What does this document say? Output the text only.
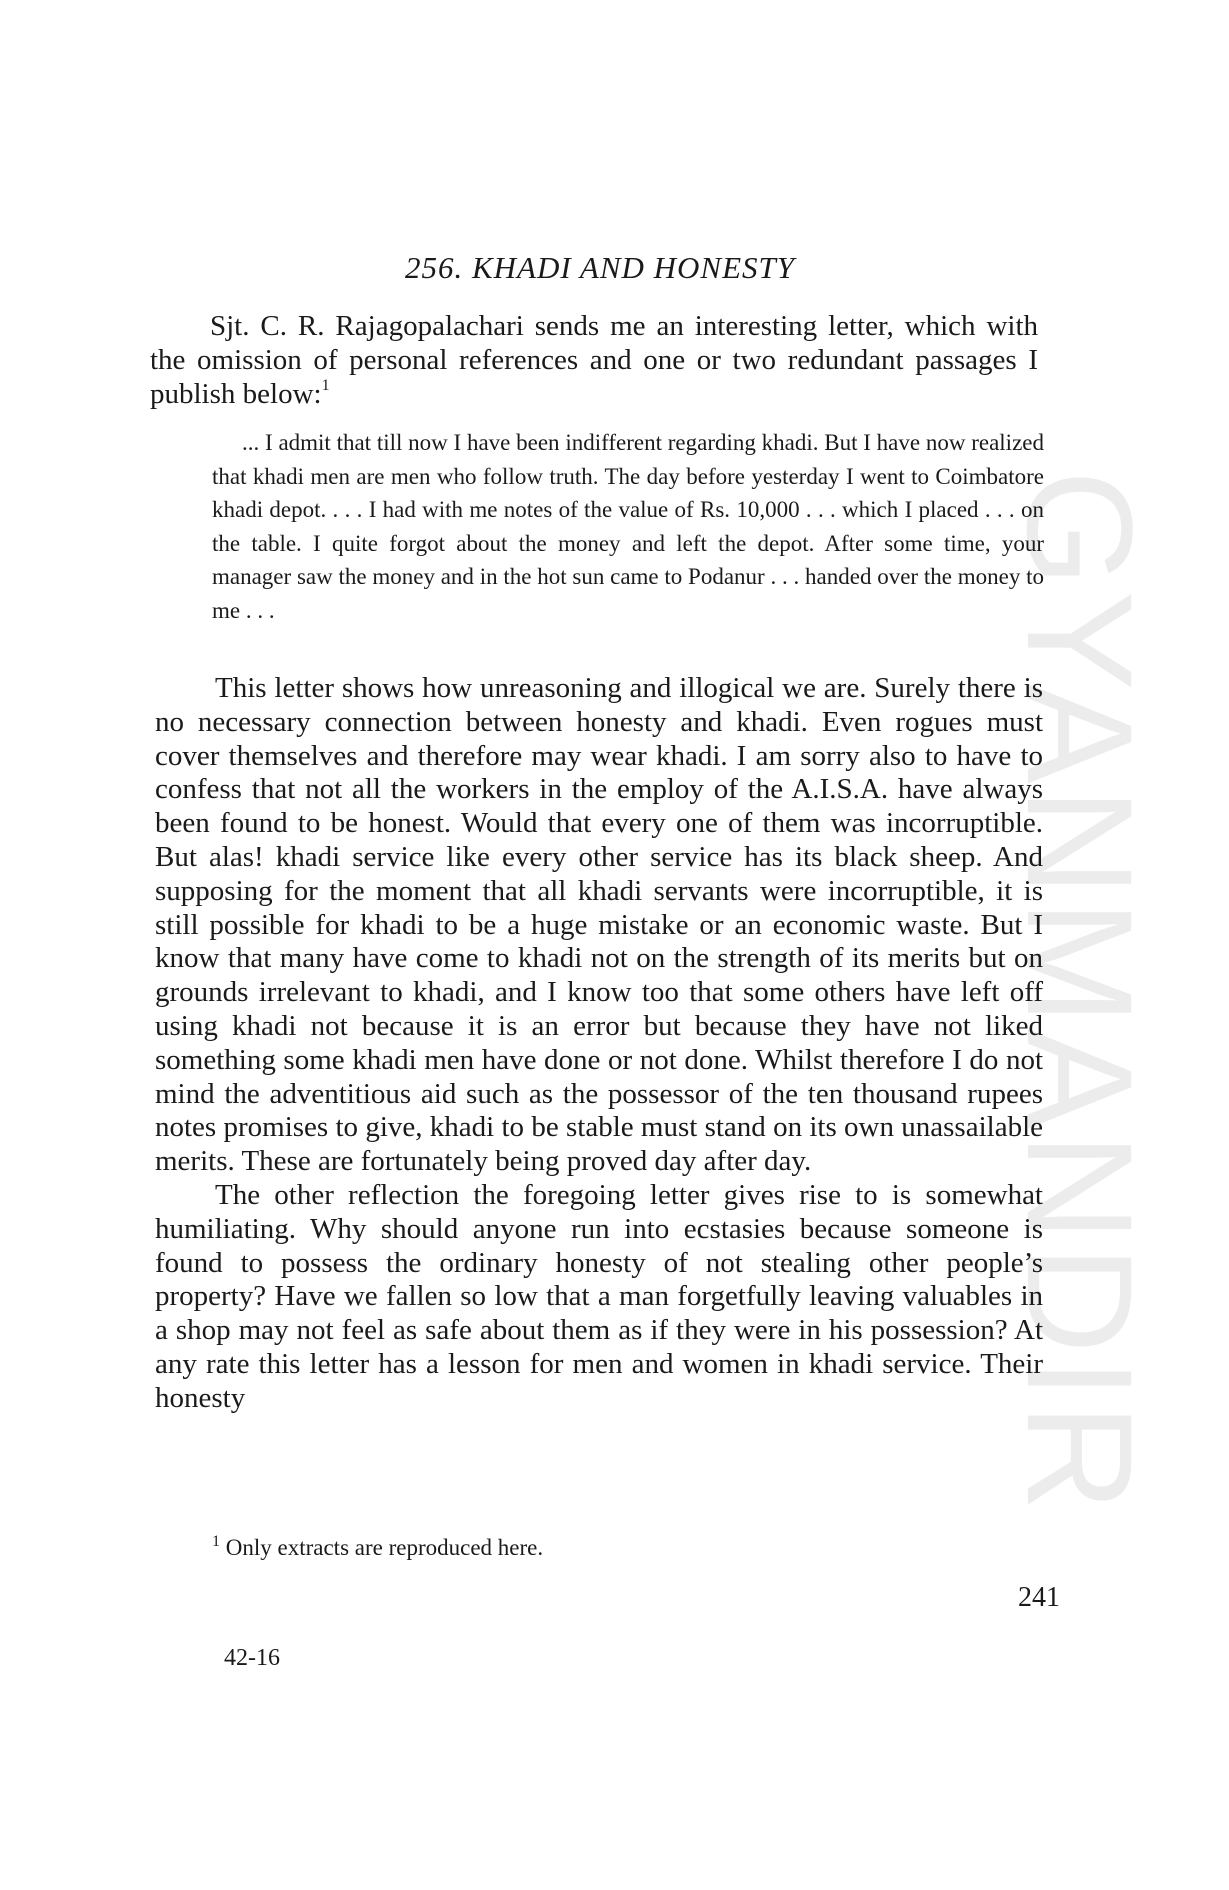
GYANMANDIR
256. KHADI AND HONESTY

Sjt. C. R. Rajagopalachari sends me an interesting letter, which with the omission of personal references and one or two redundant passages I publish below:$^1$

... I admit that till now I have been indifferent regarding khadi. But I have now realized that khadi men are men who follow truth. The day before yesterday I went to Coimbatore khadi depot. . . . I had with me notes of the value of Rs. 10,000 . . . which I placed . . . on the table. I quite forgot about the money and left the depot. After some time, your manager saw the money and in the hot sun came to Podanur . . . handed over the money to me . . .

This letter shows how unreasoning and illogical we are. Surely there is no necessary connection between honesty and khadi. Even rogues must cover themselves and therefore may wear khadi. I am sorry also to have to confess that not all the workers in the employ of the A.I.S.A. have always been found to be honest. Would that every one of them was incorruptible. But alas! khadi service like every other service has its black sheep. And supposing for the moment that all khadi servants were incorruptible, it is still possible for khadi to be a huge mistake or an economic waste. But I know that many have come to khadi not on the strength of its merits but on grounds irrelevant to khadi, and I know too that some others have left off using khadi not because it is an error but because they have not liked something some khadi men have done or not done. Whilst therefore I do not mind the adventitious aid such as the possessor of the ten thousand rupees notes promises to give, khadi to be stable must stand on its own unassailable merits. These are fortunately being proved day after day.

The other reflection the foregoing letter gives rise to is somewhat humiliating. Why should anyone run into ecstasies because someone is found to possess the ordinary honesty of not stealing other people’s property? Have we fallen so low that a man forgetfully leaving valuables in a shop may not feel as safe about them as if they were in his possession? At any rate this letter has a lesson for men and women in khadi service. Their honesty

$^1$ Only extracts are reproduced here.
241
42-16
